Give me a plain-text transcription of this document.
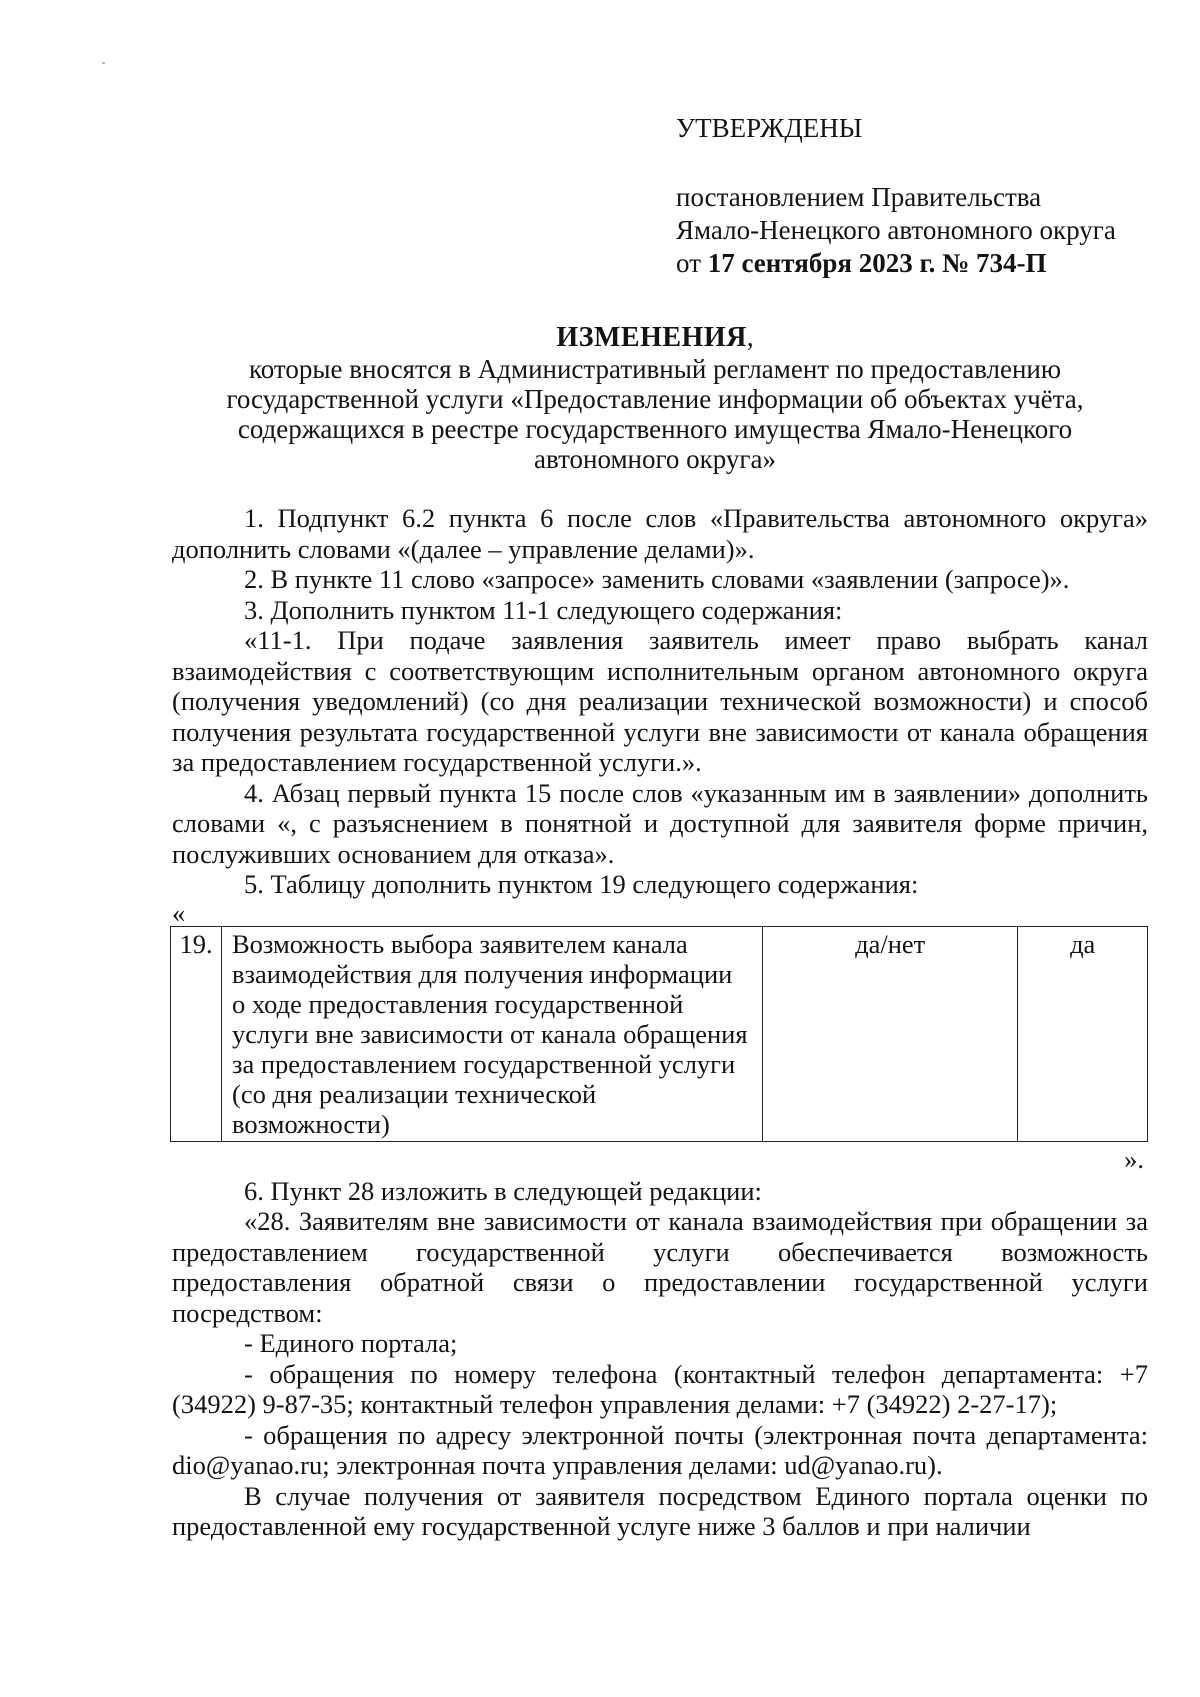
УТВЕРЖДЕНЫ
постановлением Правительства
Ямало-Ненецкого автономного округа
от 17 сентября 2023 г. № 734-П
ИЗМЕНЕНИЯ,
которые вносятся в Административный регламент по предоставлению
государственной услуги «Предоставление информации об объектах учёта,
содержащихся в реестре государственного имущества Ямало-Ненецкого
автономного округа»

1. Подпункт 6.2 пункта 6 после слов «Правительства автономного округа» дополнить словами «(далее – управление делами)».

2. В пункте 11 слово «запросе» заменить словами «заявлении (запросе)».

3. Дополнить пунктом 11-1 следующего содержания:

«11-1. При подаче заявления заявитель имеет право выбрать канал взаимодействия с соответствующим исполнительным органом автономного округа (получения уведомлений) (со дня реализации технической возможности) и способ получения результата государственной услуги вне зависимости от канала обращения за предоставлением государственной услуги.».

4. Абзац первый пункта 15 после слов «указанным им в заявлении» дополнить словами «, с разъяснением в понятной и доступной для заявителя форме причин, послуживших основанием для отказа».

5. Таблицу дополнить пунктом 19 следующего содержания:

«

19.	Возможность выбора заявителем канала взаимодействия для получения информации о ходе предоставления государственной услуги вне зависимости от канала обращения за предоставлением государственной услуги (со дня реализации технической возможности)	да/нет	да

».

6. Пункт 28 изложить в следующей редакции:

«28. Заявителям вне зависимости от канала взаимодействия при обращении за предоставлением государственной услуги обеспечивается возможность предоставления обратной связи о предоставлении государственной услуги посредством:

- Единого портала;

- обращения по номеру телефона (контактный телефон департамента: +7 (34922) 9-87-35; контактный телефон управления делами: +7 (34922) 2-27-17);

- обращения по адресу электронной почты (электронная почта департамента: dio@yanao.ru; электронная почта управления делами: ud@yanao.ru).

В случае получения от заявителя посредством Единого портала оценки по предоставленной ему государственной услуге ниже 3 баллов и при наличии
